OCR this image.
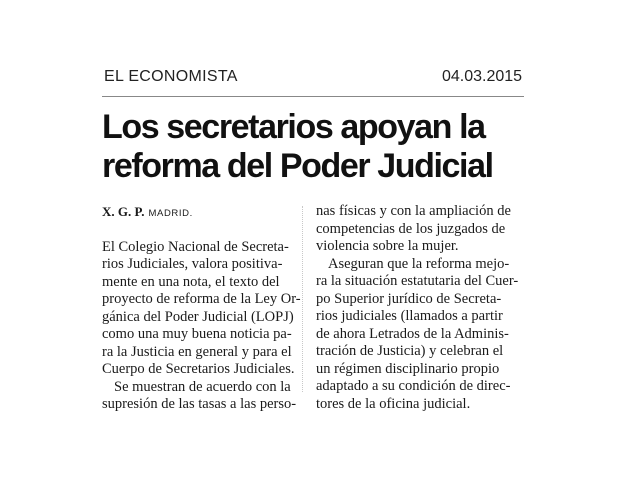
EL ECONOMISTA	04.03.2015
Los secretarios apoyan la
reforma del Poder Judicial
X. G. P. MADRID.

El Colegio Nacional de Secreta-
rios Judiciales, valora positiva-
mente en una nota, el texto del
proyecto de reforma de la Ley Or-
gánica del Poder Judicial (LOPJ)
como una muy buena noticia pa-
ra la Justicia en general y para el
Cuerpo de Secretarios Judiciales.

Se muestran de acuerdo con la
supresión de las tasas a las perso-

nas físicas y con la ampliación de
competencias de los juzgados de
violencia sobre la mujer.

Aseguran que la reforma mejo-
ra la situación estatutaria del Cuer-
po Superior jurídico de Secreta-
rios judiciales (llamados a partir
de ahora Letrados de la Adminis-
tración de Justicia) y celebran el
un régimen disciplinario propio
adaptado a su condición de direc-
tores de la oficina judicial.
